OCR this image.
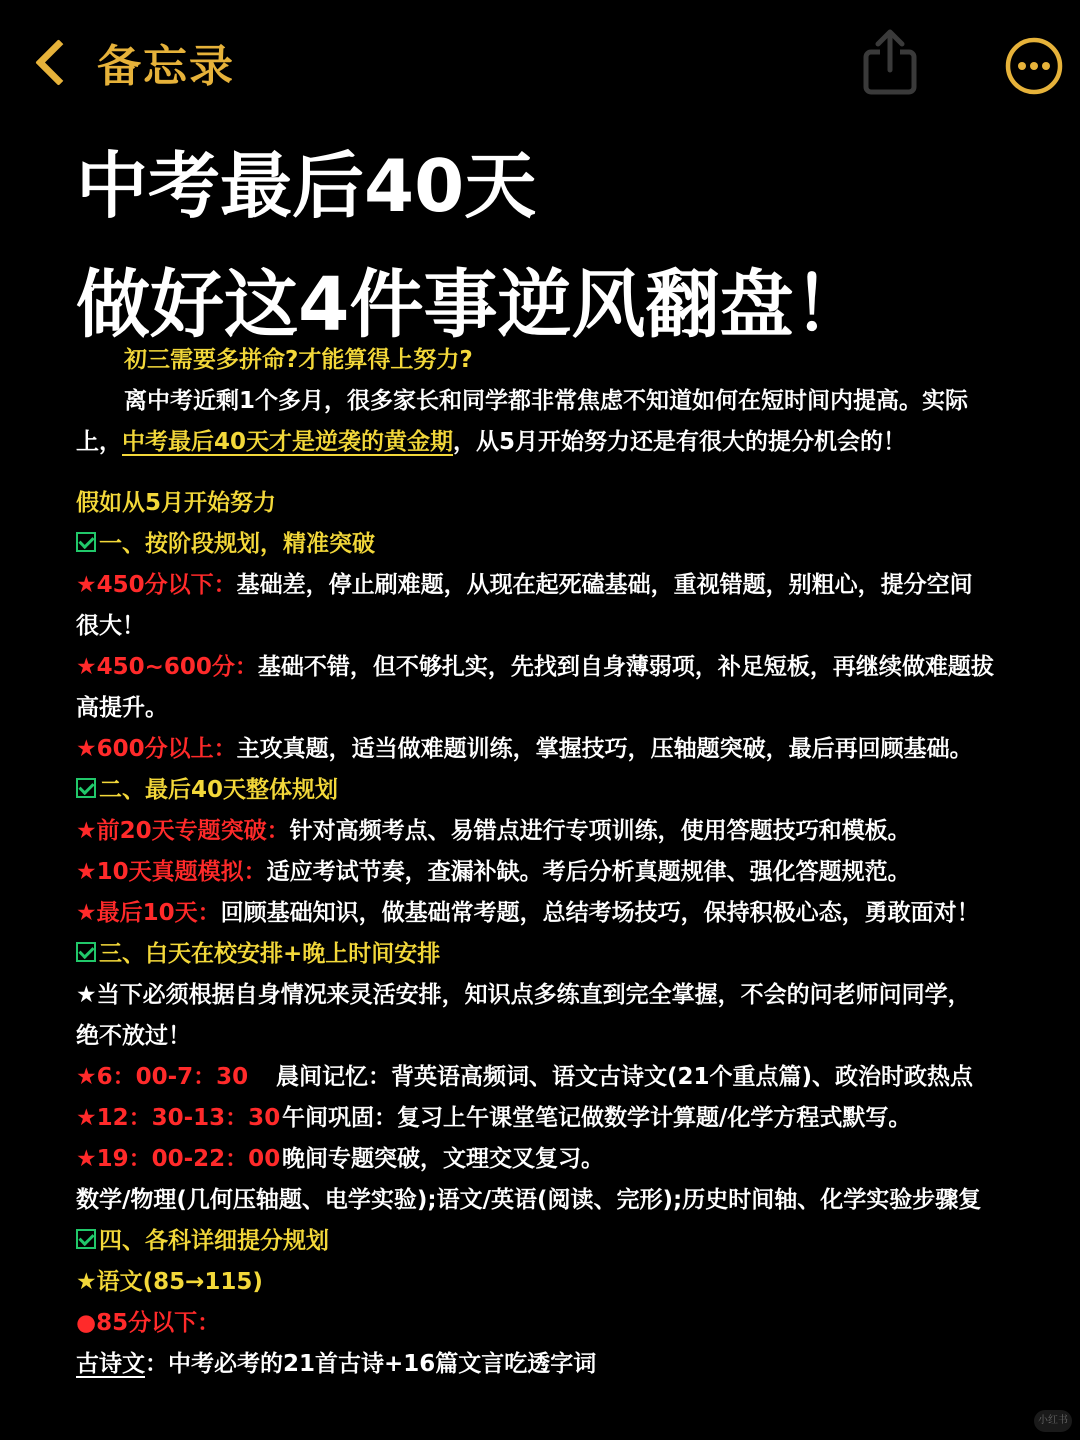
备忘录
中考最后40天
做好这4件事逆风翻盘！
初三需要多拼命?才能算得上努力?
离中考近剩1个多月，很多家长和同学都非常焦虑不知道如何在短时间内提高。实际
上，中考最后40天才是逆袭的黄金期，从5月开始努力还是有很大的提分机会的！
假如从5月开始努力
一、按阶段规划，精准突破
★450分以下：基础差，停止刷难题，从现在起死磕基础，重视错题，别粗心，提分空间
很大！
★450~600分：基础不错，但不够扎实，先找到自身薄弱项，补足短板，再继续做难题拔
高提升。
★600分以上：主攻真题，适当做难题训练，掌握技巧，压轴题突破，最后再回顾基础。
二、最后40天整体规划
★前20天专题突破：针对高频考点、易错点进行专项训练，使用答题技巧和模板。
★10天真题模拟：适应考试节奏，查漏补缺。考后分析真题规律、强化答题规范。
★最后10天：回顾基础知识，做基础常考题，总结考场技巧，保持积极心态，勇敢面对！
三、白天在校安排+晚上时间安排
★当下必须根据自身情况来灵活安排，知识点多练直到完全掌握，不会的问老师问同学，
绝不放过！
★6：00-7：30 晨间记忆：背英语高频词、语文古诗文(21个重点篇)、政治时政热点
★12：30-13：30午间巩固：复习上午课堂笔记做数学计算题/化学方程式默写。
★19：00-22：00晚间专题突破，文理交叉复习。
数学/物理(几何压轴题、电学实验);语文/英语(阅读、完形);历史时间轴、化学实验步骤复
四、各科详细提分规划
★语文(85→115)
●85分以下：
古诗文：中考必考的21首古诗+16篇文言吃透字词
小红书
